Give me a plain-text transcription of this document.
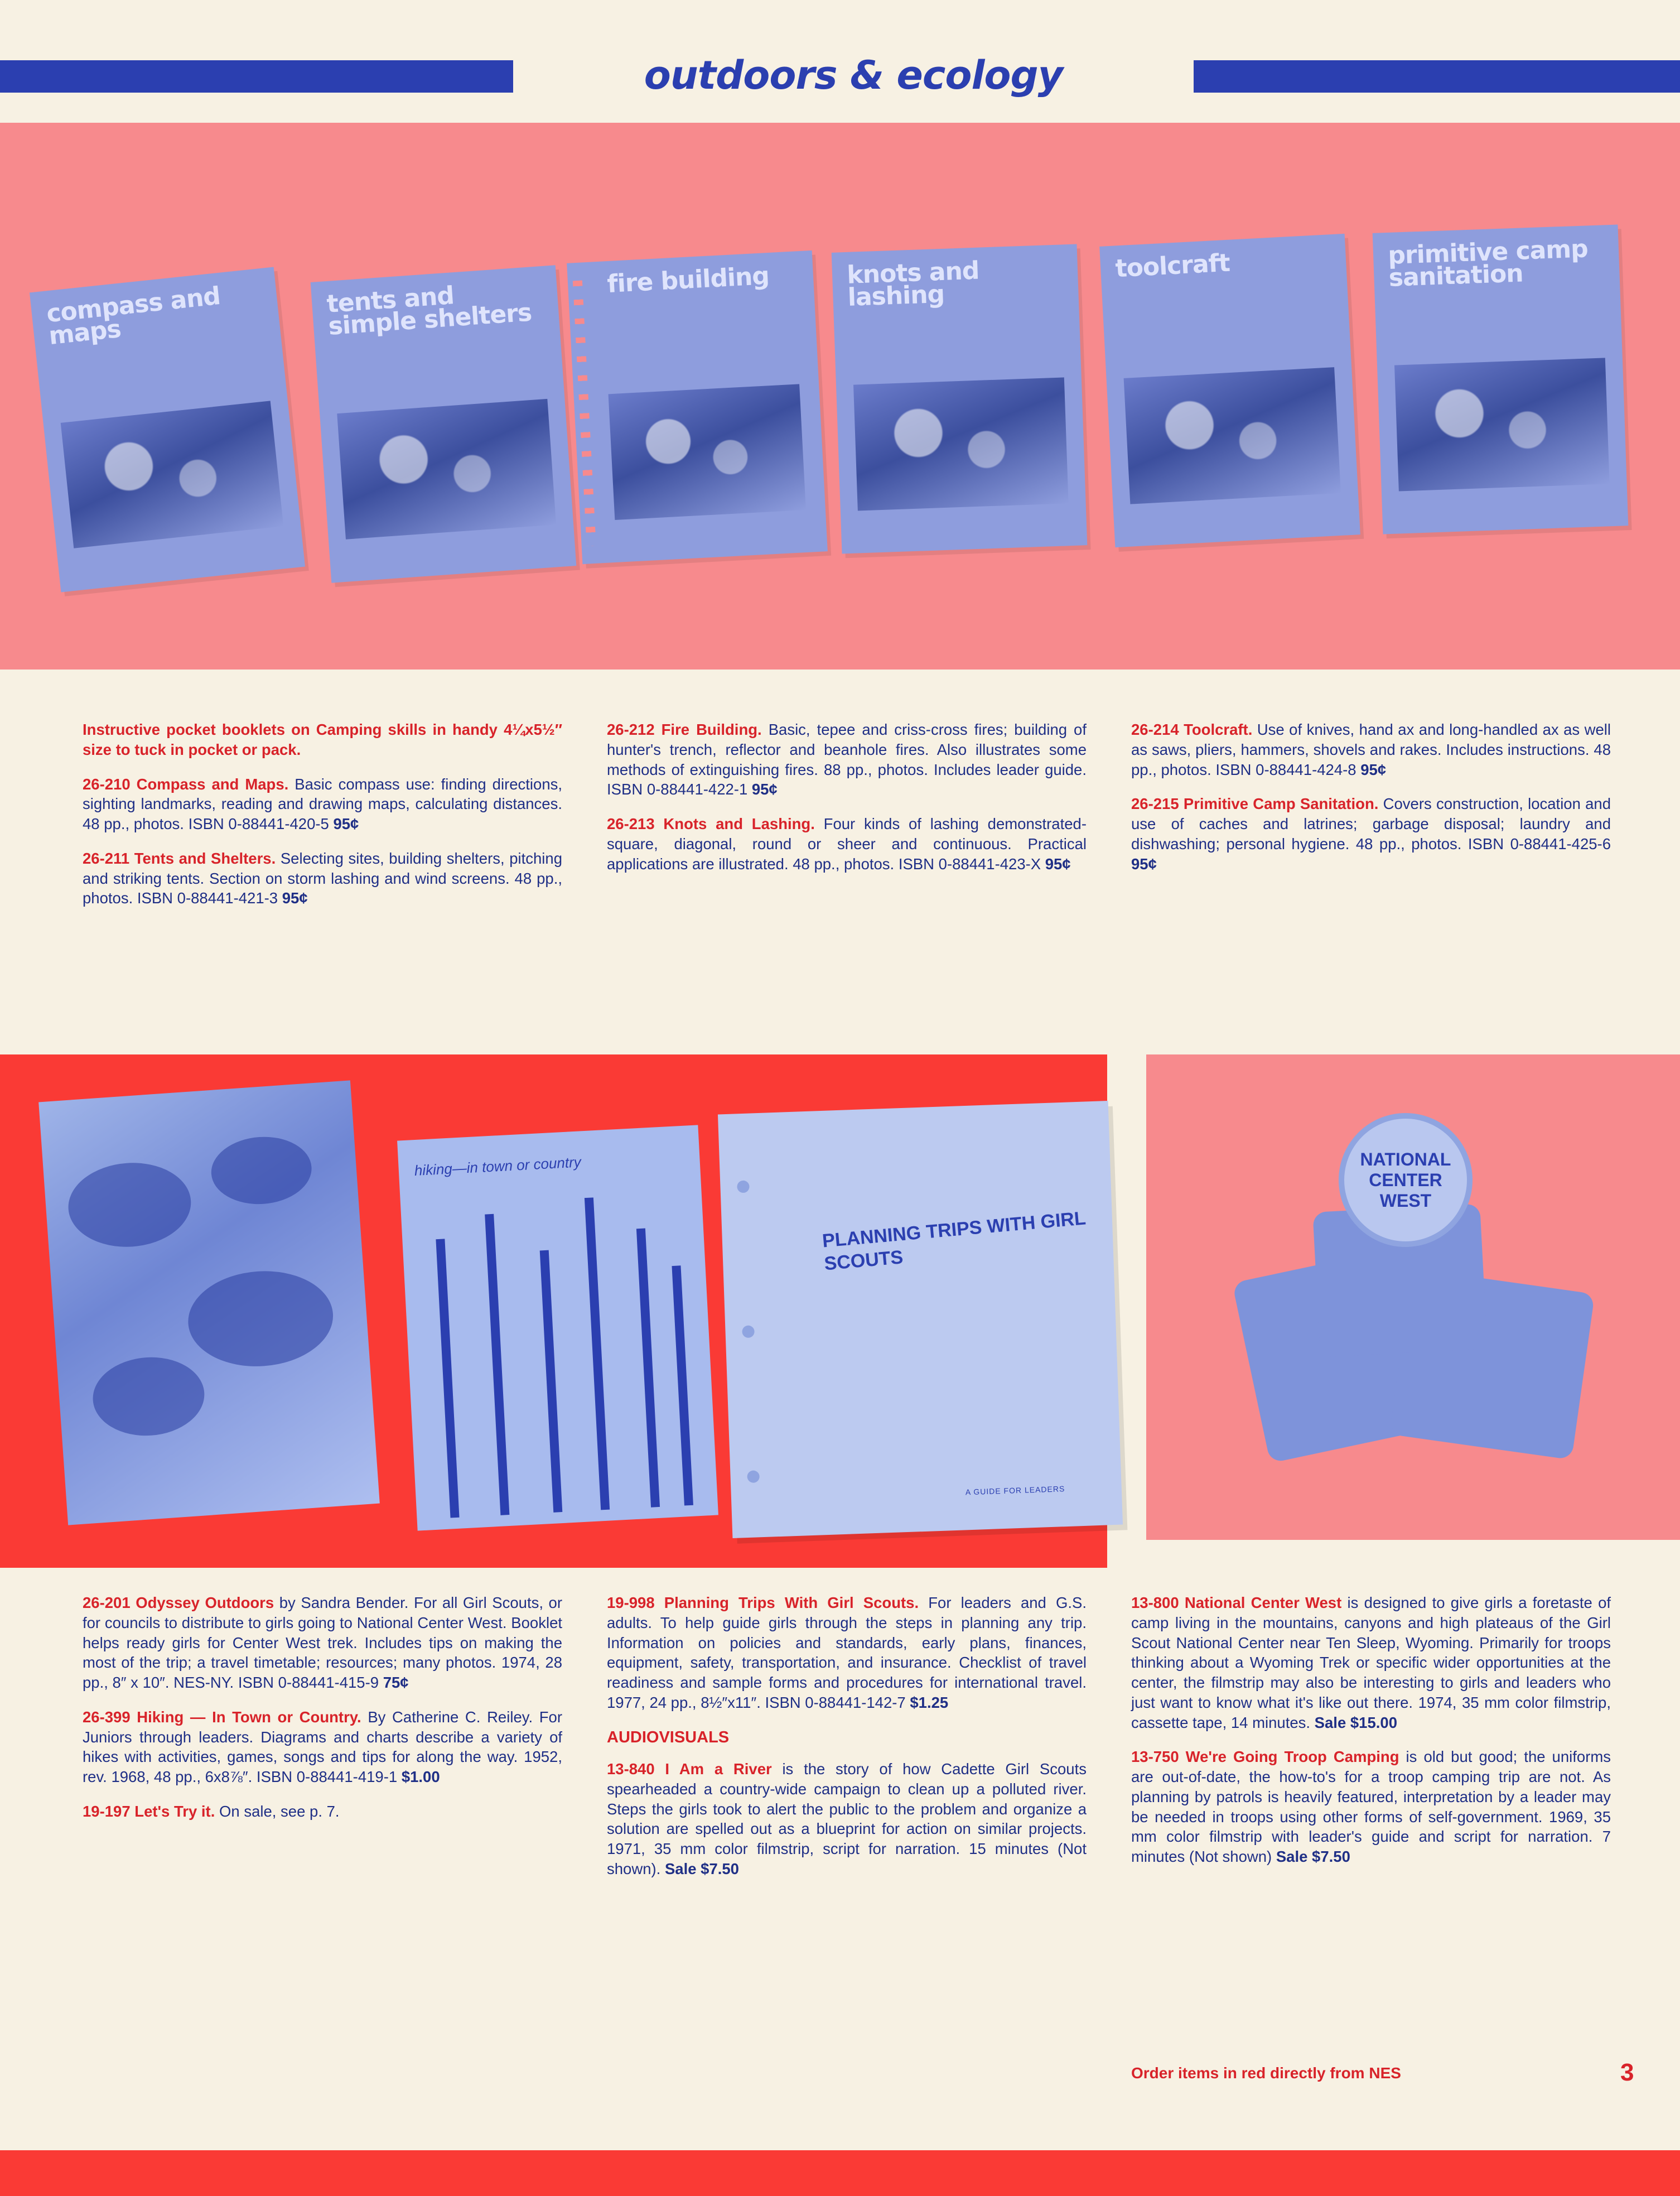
outdoors & ecology
compass and maps
tents and simple shelters
fire building	knots and lashing
toolcraft	primitive camp sanitation

Instructive pocket booklets on Camping skills in handy 4¼x5½″ size to tuck in pocket or pack.

26-210 Compass and Maps. Basic compass use: finding directions, sighting landmarks, reading and drawing maps, calculating distances. 48 pp., photos. ISBN 0-88441-420-5 95¢

26-211 Tents and Shelters. Selecting sites, building shelters, pitching and striking tents. Section on storm lashing and wind screens. 48 pp., photos. ISBN 0-88441-421-3 95¢

26-212 Fire Building. Basic, tepee and criss-cross fires; building of hunter's trench, reflector and beanhole fires. Also illustrates some methods of extinguishing fires. 88 pp., photos. Includes leader guide. ISBN 0-88441-422-1 95¢

26-213 Knots and Lashing. Four kinds of lashing demonstrated-square, diagonal, round or sheer and continuous. Practical applications are illustrated. 48 pp., photos. ISBN 0-88441-423-X 95¢

26-214 Toolcraft. Use of knives, hand ax and long-handled ax as well as saws, pliers, hammers, shovels and rakes. Includes instructions. 48 pp., photos. ISBN 0-88441-424-8 95¢

26-215 Primitive Camp Sanitation. Covers construction, location and use of caches and latrines; garbage disposal; laundry and dishwashing; personal hygiene. 48 pp., photos. ISBN 0-88441-425-6 95¢

hiking—in town or country
PLANNING TRIPS WITH GIRL SCOUTS
A GUIDE FOR LEADERS
NATIONAL CENTER WEST

26-201 Odyssey Outdoors by Sandra Bender. For all Girl Scouts, or for councils to distribute to girls going to National Center West. Booklet helps ready girls for Center West trek. Includes tips on making the most of the trip; a travel timetable; resources; many photos. 1974, 28 pp., 8″ x 10″. NES-NY. ISBN 0-88441-415-9 75¢

26-399 Hiking — In Town or Country. By Catherine C. Reiley. For Juniors through leaders. Diagrams and charts describe a variety of hikes with activities, games, songs and tips for along the way. 1952, rev. 1968, 48 pp., 6x8⅞″. ISBN 0-88441-419-1 $1.00

19-197 Let's Try it. On sale, see p. 7.

19-998 Planning Trips With Girl Scouts. For leaders and G.S. adults. To help guide girls through the steps in planning any trip. Information on policies and standards, early plans, finances, equipment, safety, transportation, and insurance. Checklist of travel readiness and sample forms and procedures for international travel. 1977, 24 pp., 8½″x11″. ISBN 0-88441-142-7 $1.25

AUDIOVISUALS

13-840 I Am a River is the story of how Cadette Girl Scouts spearheaded a country-wide campaign to clean up a polluted river. Steps the girls took to alert the public to the problem and organize a solution are spelled out as a blueprint for action on similar projects. 1971, 35 mm color filmstrip, script for narration. 15 minutes (Not shown). Sale $7.50

13-800 National Center West is designed to give girls a foretaste of camp living in the mountains, canyons and high plateaus of the Girl Scout National Center near Ten Sleep, Wyoming. Primarily for troops thinking about a Wyoming Trek or specific wider opportunities at the center, the filmstrip may also be interesting to girls and leaders who just want to know what it's like out there. 1974, 35 mm color filmstrip, cassette tape, 14 minutes. Sale $15.00

13-750 We're Going Troop Camping is old but good; the uniforms are out-of-date, the how-to's for a troop camping trip are not. As planning by patrols is heavily featured, interpretation by a leader may be needed in troops using other forms of self-government. 1969, 35 mm color filmstrip with leader's guide and script for narration. 7 minutes (Not shown) Sale $7.50

Order items in red directly from NES	3
